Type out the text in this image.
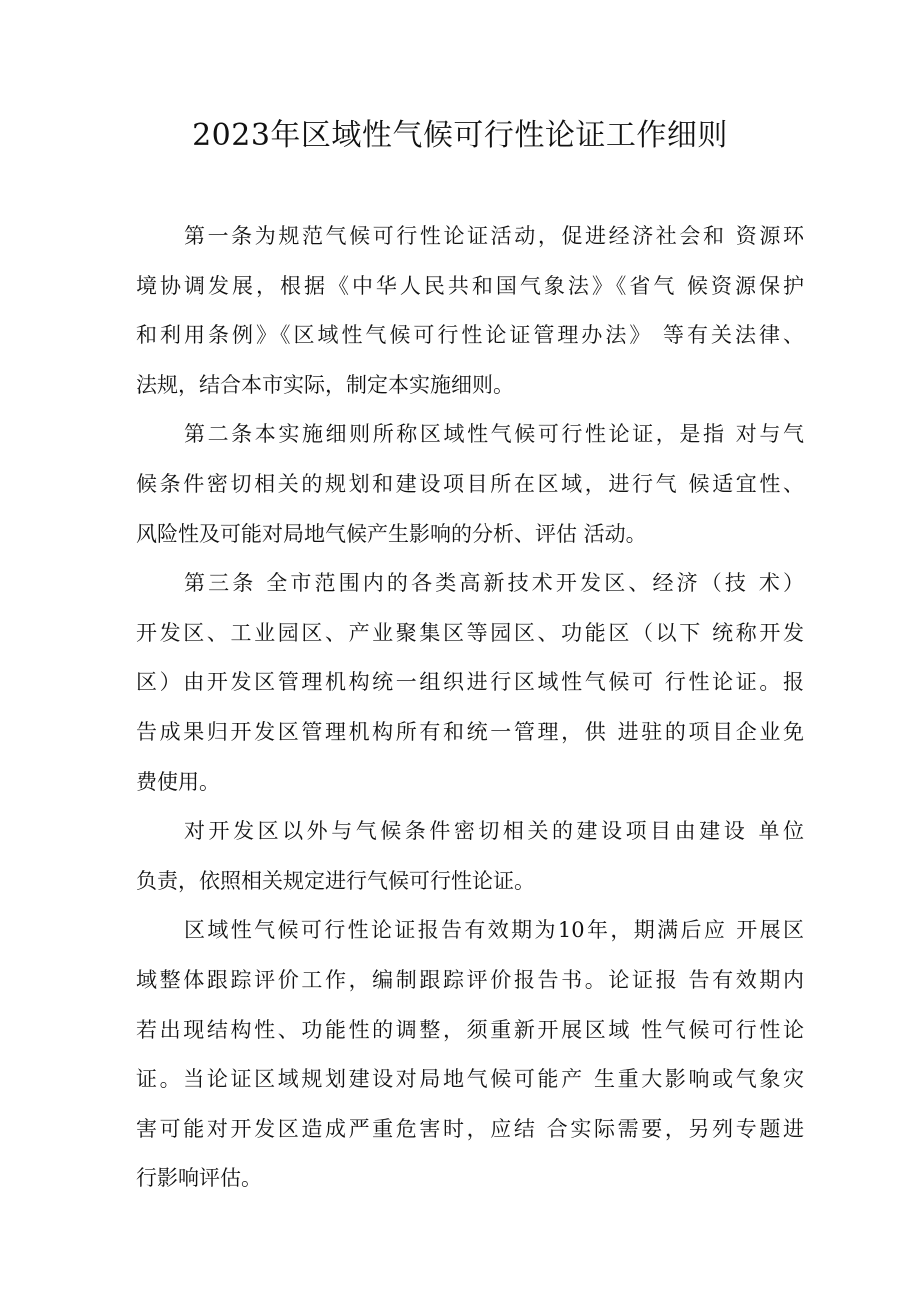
2023年区域性气候可行性论证工作细则
第一条为规范气候可行性论证活动，促进经济社会和 资源环
境协调发展，根据《中华人民共和国气象法》《省气 候资源保护
和利用条例》《区域性气候可行性论证管理办法》 等有关法律、
法规，结合本市实际，制定本实施细则。
第二条本实施细则所称区域性气候可行性论证，是指 对与气
候条件密切相关的规划和建设项目所在区域，进行气 候适宜性、
风险性及可能对局地气候产生影响的分析、评估 活动。
第三条 全市范围内的各类高新技术开发区、经济（技 术）
开发区、工业园区、产业聚集区等园区、功能区（以下 统称开发
区）由开发区管理机构统一组织进行区域性气候可 行性论证。报
告成果归开发区管理机构所有和统一管理，供 进驻的项目企业免
费使用。
对开发区以外与气候条件密切相关的建设项目由建设 单位
负责，依照相关规定进行气候可行性论证。
区域性气候可行性论证报告有效期为10年，期满后应 开展区
域整体跟踪评价工作，编制跟踪评价报告书。论证报 告有效期内
若出现结构性、功能性的调整，须重新开展区域 性气候可行性论
证。当论证区域规划建设对局地气候可能产 生重大影响或气象灾
害可能对开发区造成严重危害时，应结 合实际需要，另列专题进
行影响评估。
